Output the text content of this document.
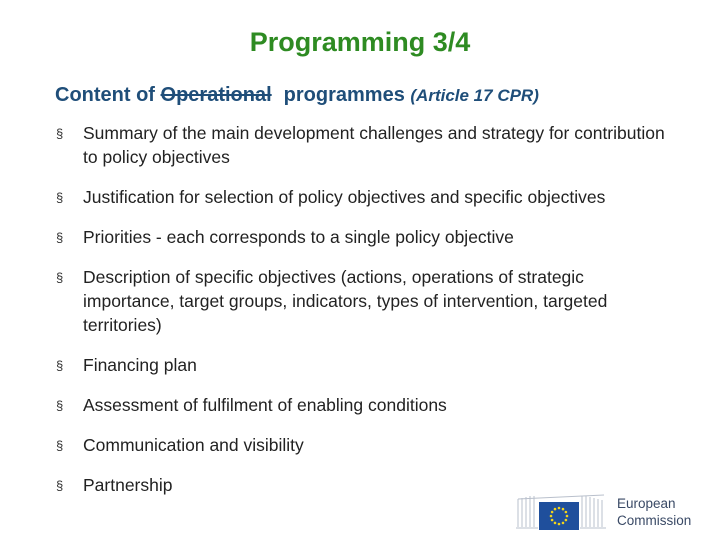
Programming 3/4
Content of Operational programmes (Article 17 CPR)
§ Summary of the main development challenges and strategy for contribution to policy objectives
§ Justification for selection of policy objectives and specific objectives
§ Priorities - each corresponds to a single policy objective
§ Description of specific objectives (actions, operations of strategic importance, target groups, indicators, types of intervention, targeted territories)
§ Financing plan
§ Assessment of fulfilment of enabling conditions
§ Communication and visibility
§ Partnership
European
Commission
